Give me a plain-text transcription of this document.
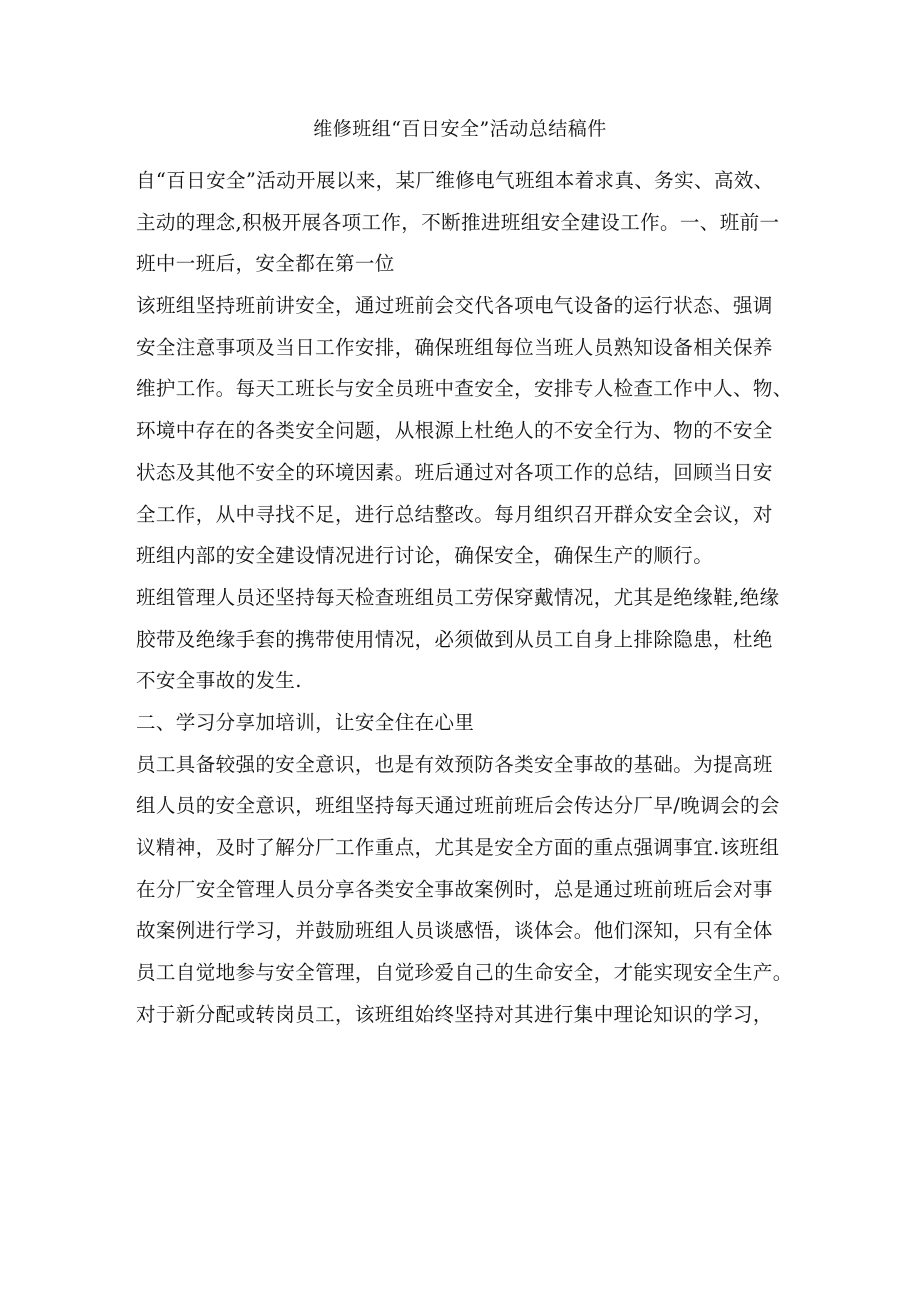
维修班组“百日安全”活动总结稿件
自“百日安全”活动开展以来，某厂维修电气班组本着求真、务实、高效、
主动的理念,积极开展各项工作，不断推进班组安全建设工作。一、班前一
班中一班后，安全都在第一位
该班组坚持班前讲安全，通过班前会交代各项电气设备的运行状态、强调
安全注意事项及当日工作安排，确保班组每位当班人员熟知设备相关保养
维护工作。每天工班长与安全员班中查安全，安排专人检查工作中人、物、
环境中存在的各类安全问题，从根源上杜绝人的不安全行为、物的不安全
状态及其他不安全的环境因素。班后通过对各项工作的总结，回顾当日安
全工作，从中寻找不足，进行总结整改。每月组织召开群众安全会议，对
班组内部的安全建设情况进行讨论，确保安全，确保生产的顺行。
班组管理人员还坚持每天检查班组员工劳保穿戴情况，尤其是绝缘鞋,绝缘
胶带及绝缘手套的携带使用情况，必须做到从员工自身上排除隐患，杜绝
不安全事故的发生.
二、学习分享加培训，让安全住在心里
员工具备较强的安全意识，也是有效预防各类安全事故的基础。为提高班
组人员的安全意识，班组坚持每天通过班前班后会传达分厂早/晚调会的会
议精神，及时了解分厂工作重点，尤其是安全方面的重点强调事宜.该班组
在分厂安全管理人员分享各类安全事故案例时，总是通过班前班后会对事
故案例进行学习，并鼓励班组人员谈感悟，谈体会。他们深知，只有全体
员工自觉地参与安全管理，自觉珍爱自己的生命安全，才能实现安全生产。
对于新分配或转岗员工，该班组始终坚持对其进行集中理论知识的学习，
